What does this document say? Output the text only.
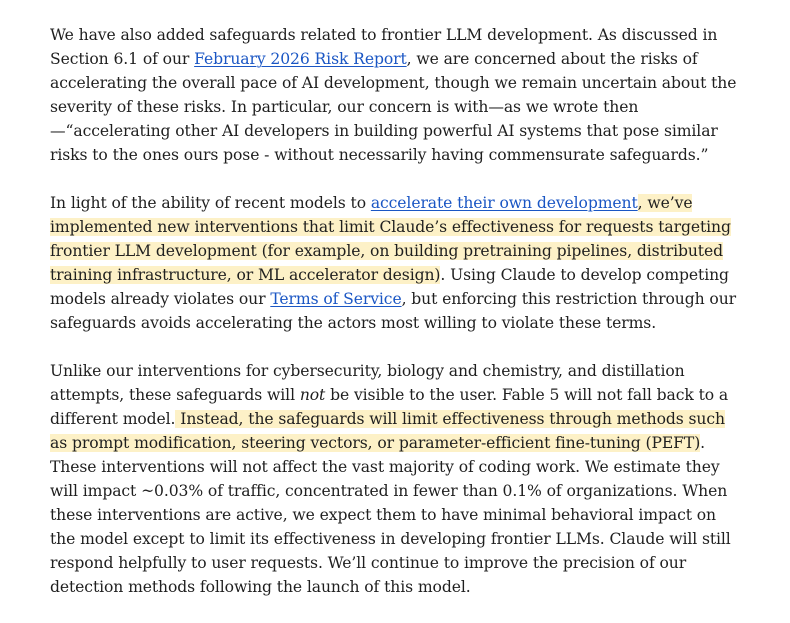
We have also added safeguards related to frontier LLM development. As discussed in Section 6.1 of our February 2026 Risk Report, we are concerned about the risks of accelerating the overall pace of AI development, though we remain uncertain about the severity of these risks. In particular, our concern is with—as we wrote then—“accelerating other AI developers in building powerful AI systems that pose similar risks to the ones ours pose - without necessarily having commensurate safeguards.”

In light of the ability of recent models to accelerate their own development, we’ve implemented new interventions that limit Claude’s effectiveness for requests targeting frontier LLM development (for example, on building pretraining pipelines, distributed training infrastructure, or ML accelerator design). Using Claude to develop competing models already violates our Terms of Service, but enforcing this restriction through our safeguards avoids accelerating the actors most willing to violate these terms.

Unlike our interventions for cybersecurity, biology and chemistry, and distillation attempts, these safeguards will not be visible to the user. Fable 5 will not fall back to a different model. Instead, the safeguards will limit effectiveness through methods such as prompt modification, steering vectors, or parameter-efficient fine-tuning (PEFT). These interventions will not affect the vast majority of coding work. We estimate they will impact ~0.03% of traffic, concentrated in fewer than 0.1% of organizations. When these interventions are active, we expect them to have minimal behavioral impact on the model except to limit its effectiveness in developing frontier LLMs. Claude will still respond helpfully to user requests. We’ll continue to improve the precision of our detection methods following the launch of this model.
